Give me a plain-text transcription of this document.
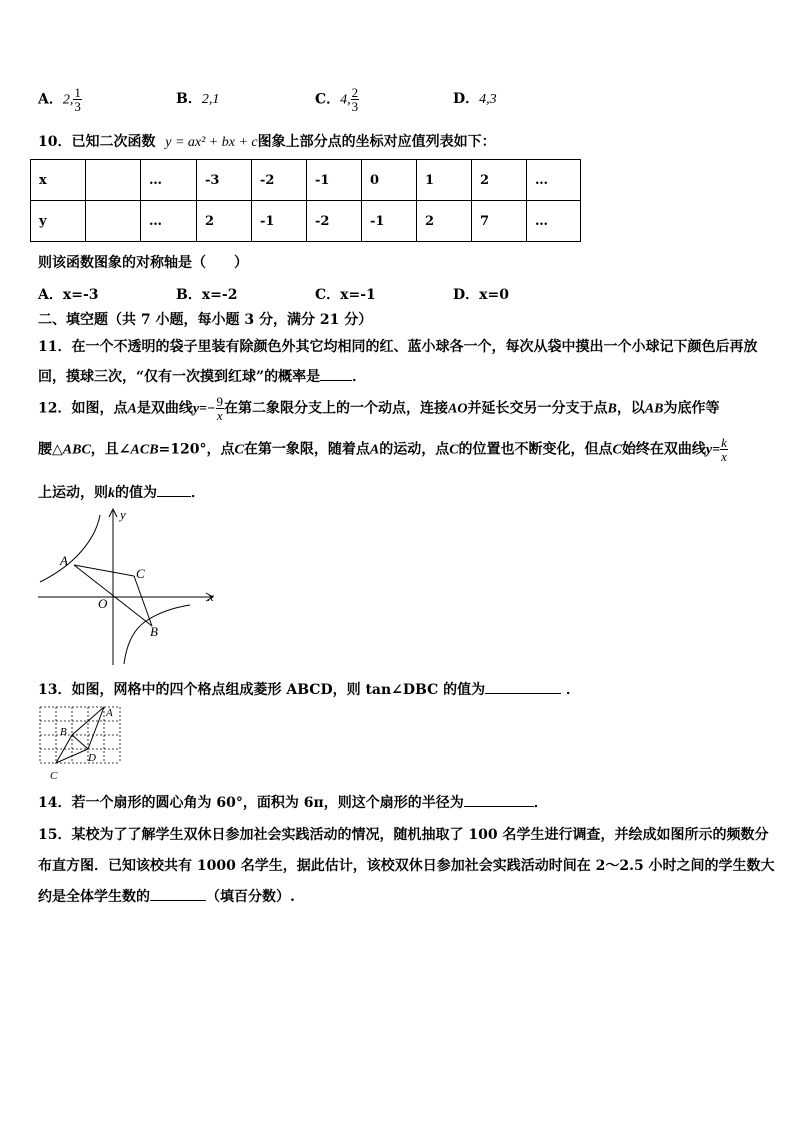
A．2, $\frac{1}{3}$	B．2,1	C．4, $\frac{2}{3}$	D．4,3
10．已知二次函数 y = ax² + bx + c图象上部分点的坐标对应值列表如下：
x		…	-3	-2	-1	0	1	2	…
y		…	2	-1	-2	-1	2	7	…
则该函数图象的对称轴是（　　）
A．x=-3	B．x=-2	C．x=-1	D．x=0
二、填空题（共 7 小题，每小题 3 分，满分 21 分）
11．在一个不透明的袋子里装有除颜色外其它均相同的红、蓝小球各一个，每次从袋中摸出一个小球记下颜色后再放
回，摸球三次，“仅有一次摸到红球”的概率是 ．
12．如图，点A是双曲线$y=- \frac{9}{x}$ 在第二象限分支上的一个动点，连接AO并延长交另一分支于点B，以AB为底作等
腰△ABC，且∠ACB=120°，点C在第一象限，随着点A的运动，点C的位置也不断变化，但点C始终在双曲线$y= \frac{k}{x}$
上运动，则k的值为 ．
y
x
O
A
B
C
13．如图，网格中的四个格点组成菱形 ABCD，则 tan∠DBC 的值为	．
A
B
C
D
14．若一个扇形的圆心角为 60°，面积为 6π，则这个扇形的半径为	．
15．某校为了了解学生双休日参加社会实践活动的情况，随机抽取了 100 名学生进行调查，并绘成如图所示的频数分
布直方图．已知该校共有 1000 名学生，据此估计，该校双休日参加社会实践活动时间在 2～2.5 小时之间的学生数大
约是全体学生数的	（填百分数）.
